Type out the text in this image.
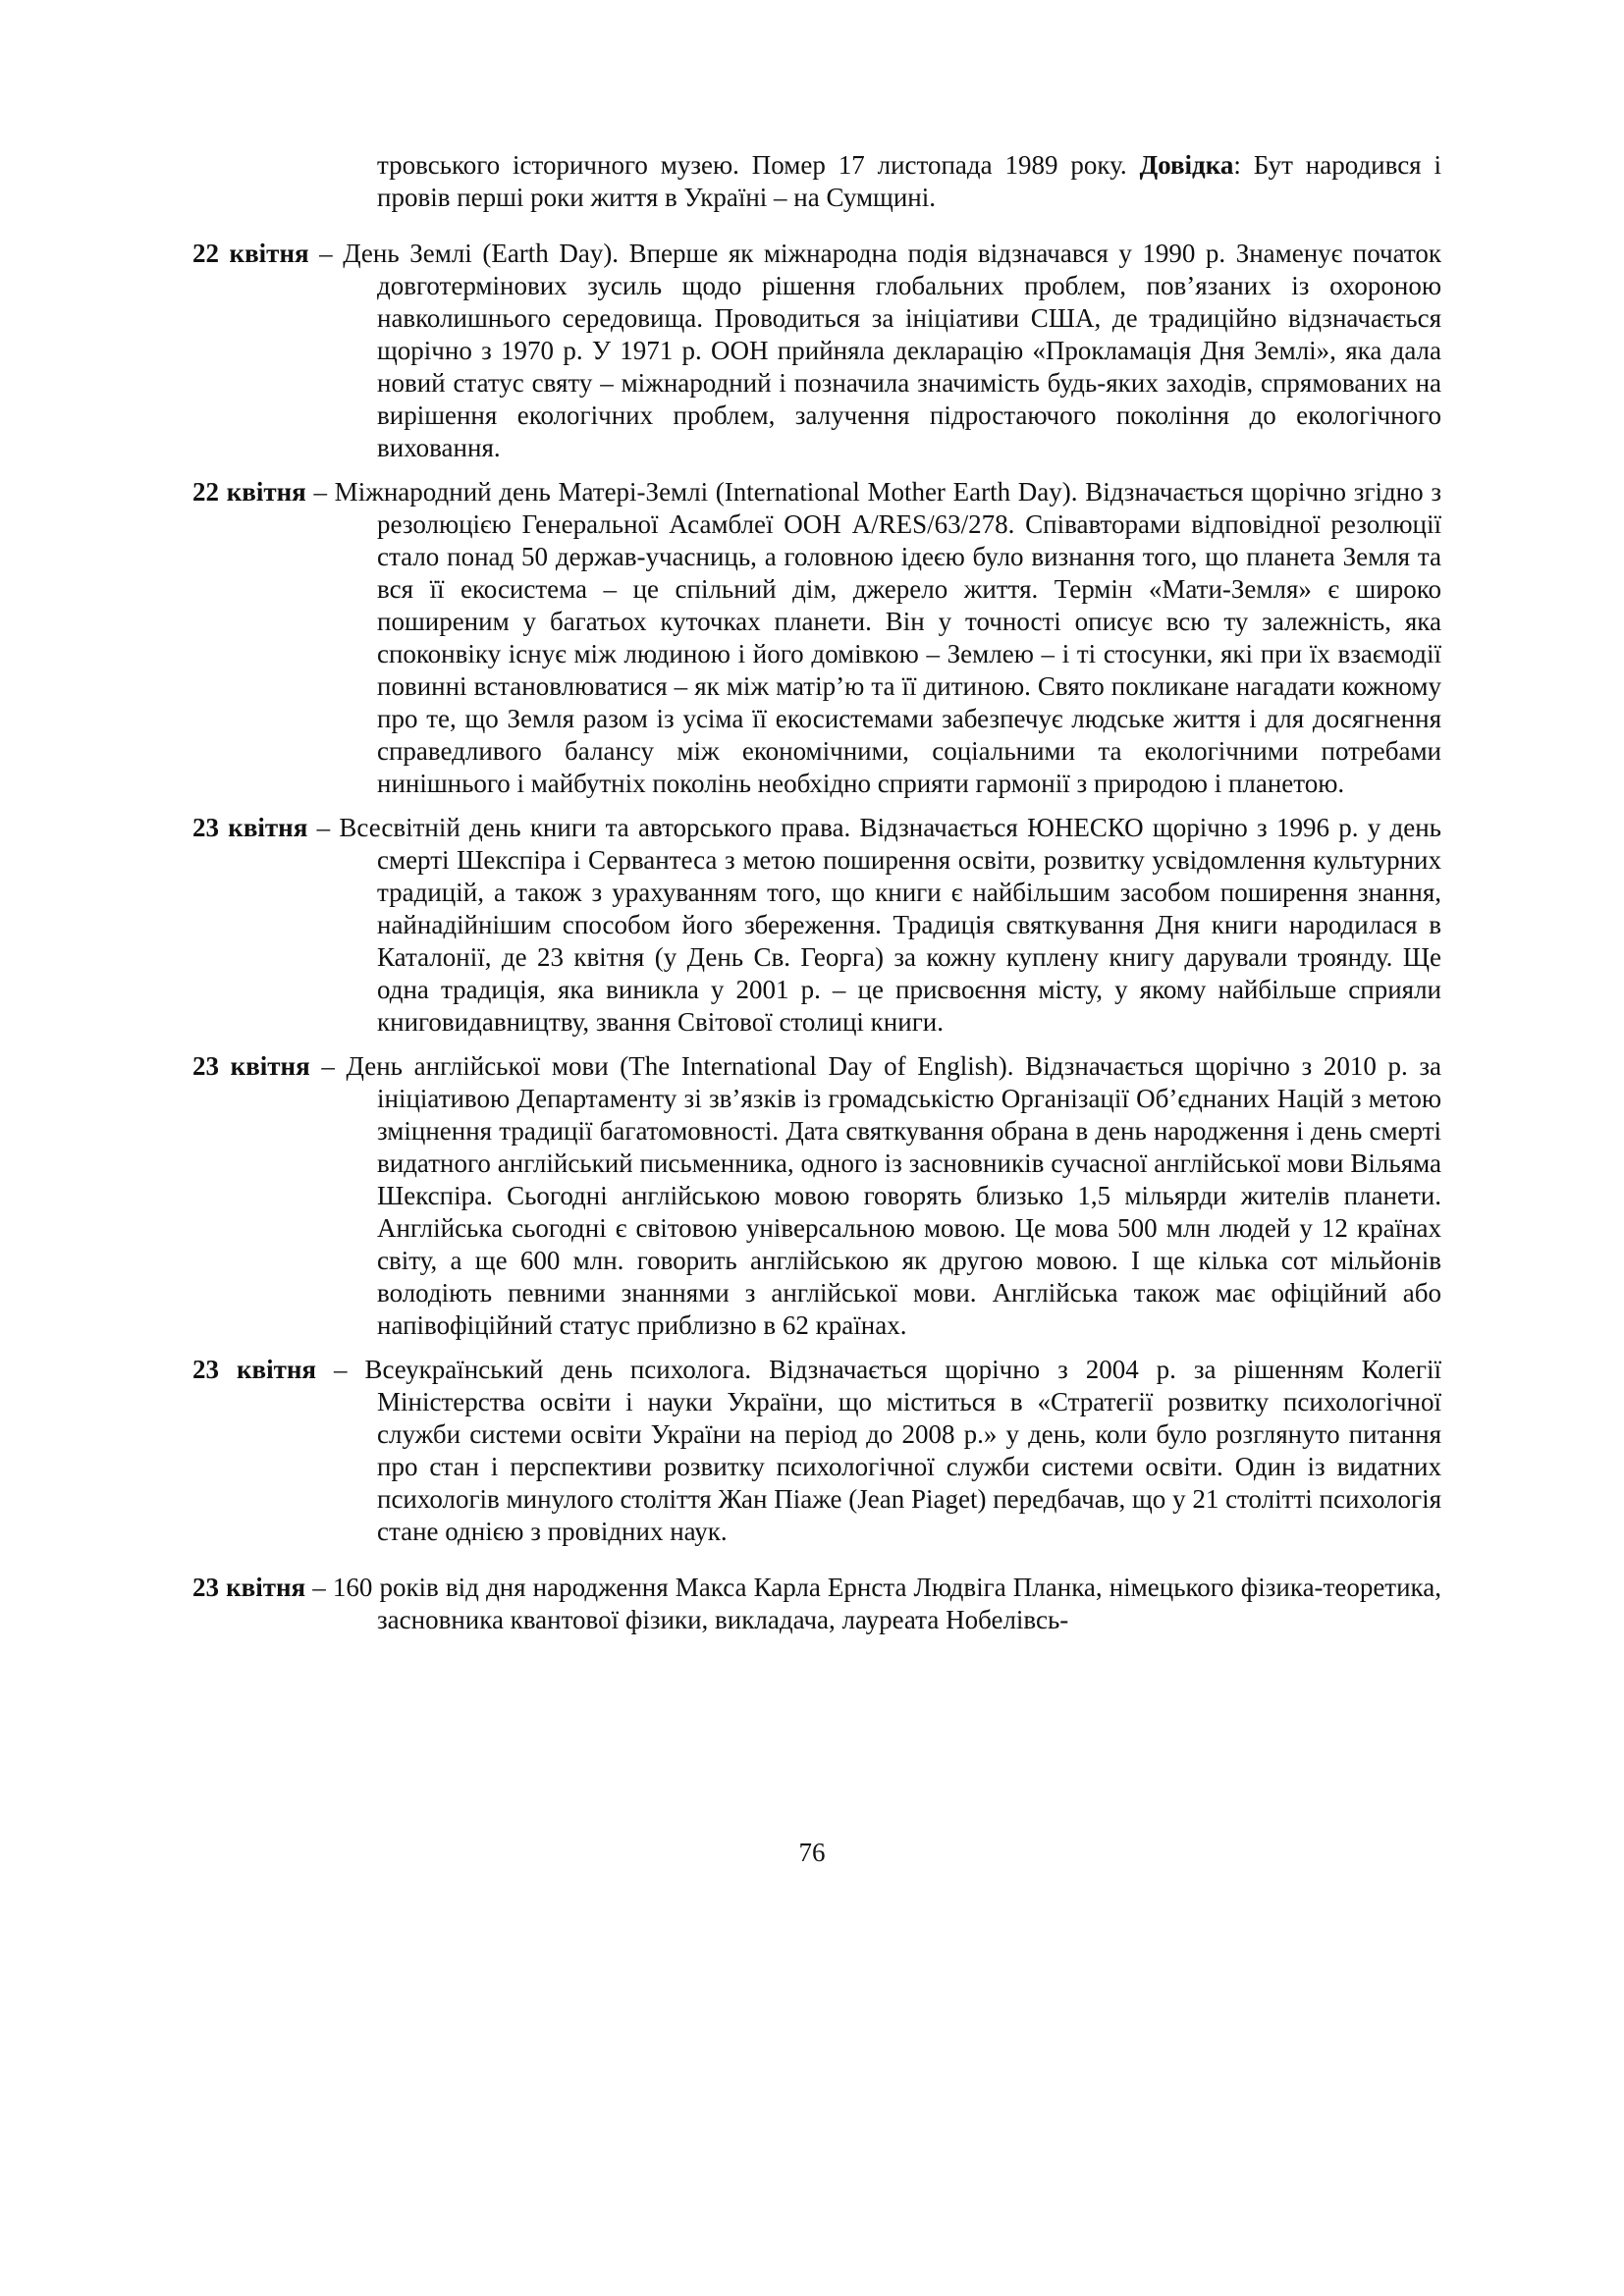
тровського історичного музею. Помер 17 листопада 1989 року. Довідка: Бут народився і провів перші роки життя в Україні – на Сумщині.
22 квітня – День Землі (Earth Day). Вперше як міжнародна подія відзначався у 1990 р. Знаменує початок довготермінових зусиль щодо рішення глобальних проблем, пов’язаних із охороною навколишнього середовища. Проводиться за ініціативи США, де традиційно відзначається щорічно з 1970 р. У 1971 р. ООН прийняла декларацію «Прокламація Дня Землі», яка дала новий статус святу – міжнародний і позначила значимість будь-яких заходів, спрямованих на вирішення екологічних проблем, залучення підростаючого покоління до екологічного виховання.
22 квітня – Міжнародний день Матері-Землі (International Mother Earth Day). Відзначається щорічно згідно з резолюцією Генеральної Асамблеї ООН A/RES/63/278. Співавторами відповідної резолюції стало понад 50 держав-учасниць, а головною ідеєю було визнання того, що планета Земля та вся її екосистема – це спільний дім, джерело життя. Термін «Мати-Земля» є широко поширеним у багатьох куточках планети. Він у точності описує всю ту залежність, яка споконвіку існує між людиною і його домівкою – Землею – і ті стосунки, які при їх взаємодії повинні встановлюватися – як між матір’ю та її дитиною. Свято покликане нагадати кожному про те, що Земля разом із усіма її екосистемами забезпечує людське життя і для досягнення справедливого балансу між економічними, соціальними та екологічними потребами нинішнього і майбутніх поколінь необхідно сприяти гармонії з природою і планетою.
23 квітня – Всесвітній день книги та авторського права. Відзначається ЮНЕСКО щорічно з 1996 р. у день смерті Шекспіра і Сервантеса з метою поширення освіти, розвитку усвідомлення культурних традицій, а також з урахуванням того, що книги є найбільшим засобом поширення знання, найнадійнішим способом його збереження. Традиція святкування Дня книги народилася в Каталонії, де 23 квітня (у День Св. Георга) за кожну куплену книгу дарували троянду. Ще одна традиція, яка виникла у 2001 р. – це присвоєння місту, у якому найбільше сприяли книговидавництву, звання Світової столиці книги.
23 квітня – День англійської мови (The International Day of English). Відзначається щорічно з 2010 р. за ініціативою Департаменту зі зв’язків із громадськістю Організації Об’єднаних Націй з метою зміцнення традиції багатомовності. Дата святкування обрана в день народження і день смерті видатного англійський письменника, одного із засновників сучасної англійської мови Вільяма Шекспіра. Сьогодні англійською мовою говорять близько 1,5 мільярди жителів планети. Англійська сьогодні є світовою універсальною мовою. Це мова 500 млн людей у 12 країнах світу, а ще 600 млн. говорить англійською як другою мовою. І ще кілька сот мільйонів володіють певними знаннями з англійської мови. Англійська також має офіційний або напівофіційний статус приблизно в 62 країнах.
23 квітня – Всеукраїнський день психолога. Відзначається щорічно з 2004 р. за рішенням Колегії Міністерства освіти і науки України, що міститься в «Стратегії розвитку психологічної служби системи освіти України на період до 2008 р.» у день, коли було розглянуто питання про стан і перспективи розвитку психологічної служби системи освіти. Один із видатних психологів минулого століття Жан Піаже (Jean Piaget) передбачав, що у 21 столітті психологія стане однією з провідних наук.
23 квітня – 160 років від дня народження Макса Карла Ернста Людвіга Планка, німецького фізика-теоретика, засновника квантової фізики, викладача, лауреата Нобелівсь-
76
